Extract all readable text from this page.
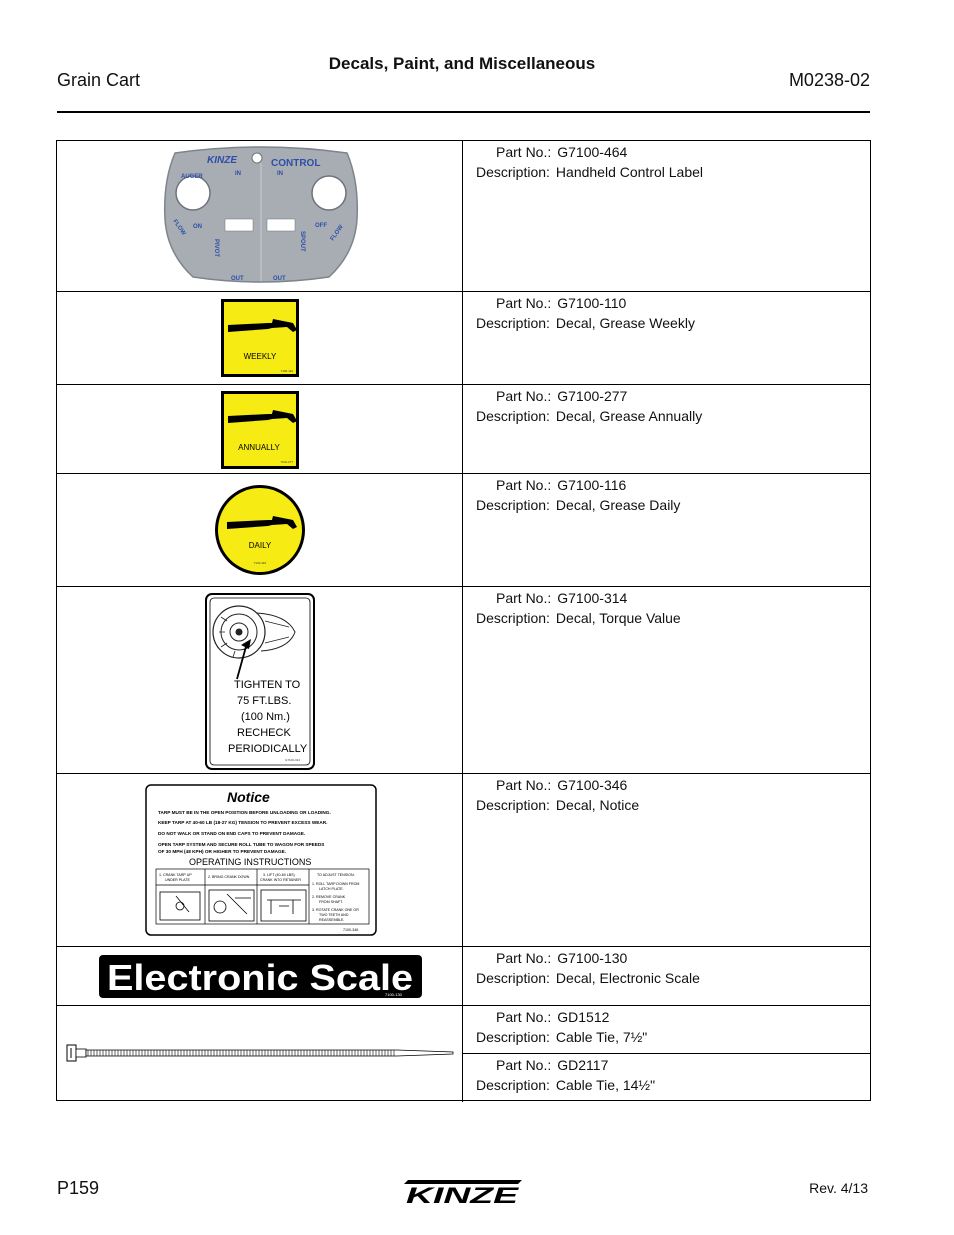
Decals, Paint, and Miscellaneous
Grain Cart	M0238-02
KINZE	CONTROL
AUGER	IN	IN
ON	OFF
FLOW	FLOW
PIVOT	SPOUT
OUT	OUT
Part No.: G7100-464
Description: Handheld Control Label
WEEKLY
7100-110
Part No.: G7100-110
Description: Decal, Grease Weekly
ANNUALLY
7100-277
Part No.: G7100-277
Description: Decal, Grease Annually
DAILY
7100-116
Part No.: G7100-116
Description: Decal, Grease Daily
TIGHTEN TO
75 FT.LBS.
(100 Nm.)
RECHECK
PERIODICALLY
G7100-314
Part No.: G7100-314
Description: Decal, Torque Value
Notice
TARP MUST BE IN THE OPEN POSITION BEFORE UNLOADING OR LOADING.
KEEP TARP AT 40-60 LB (18-27 KG) TENSION TO PREVENT EXCESS WEAR.
DO NOT WALK OR STAND ON END CAPS TO PREVENT DAMAGE.
OPEN TARP SYSTEM AND SECURE ROLL TUBE TO WAGON FOR SPEEDS
OF 30 MPH (48 KPH) OR HIGHER TO PREVENT DAMAGE.
OPERATING INSTRUCTIONS
1. CRANK TARP UP
UNDER PLATE
2. BRING CRANK DOWN	3. LIFT (40-60 LBS)
CRANK INTO RETAINER
TO ADJUST TENSION:
1. ROLL TARP DOWN FROM
LATCH PLATE.
2. REMOVE CRANK
FROM SHAFT.
3. ROTATE CRANK ONE OR
TWO TEETH AND
REASSEMBLE.
7100-346
Part No.: G7100-346
Description: Decal, Notice
Electronic Scale
7100-130
Part No.: G7100-130
Description: Decal, Electronic Scale
Part No.: GD1512
Description: Cable Tie, 7½"
Part No.: GD2117
Description: Cable Tie, 14½"
P159	KINZE	Rev. 4/13
